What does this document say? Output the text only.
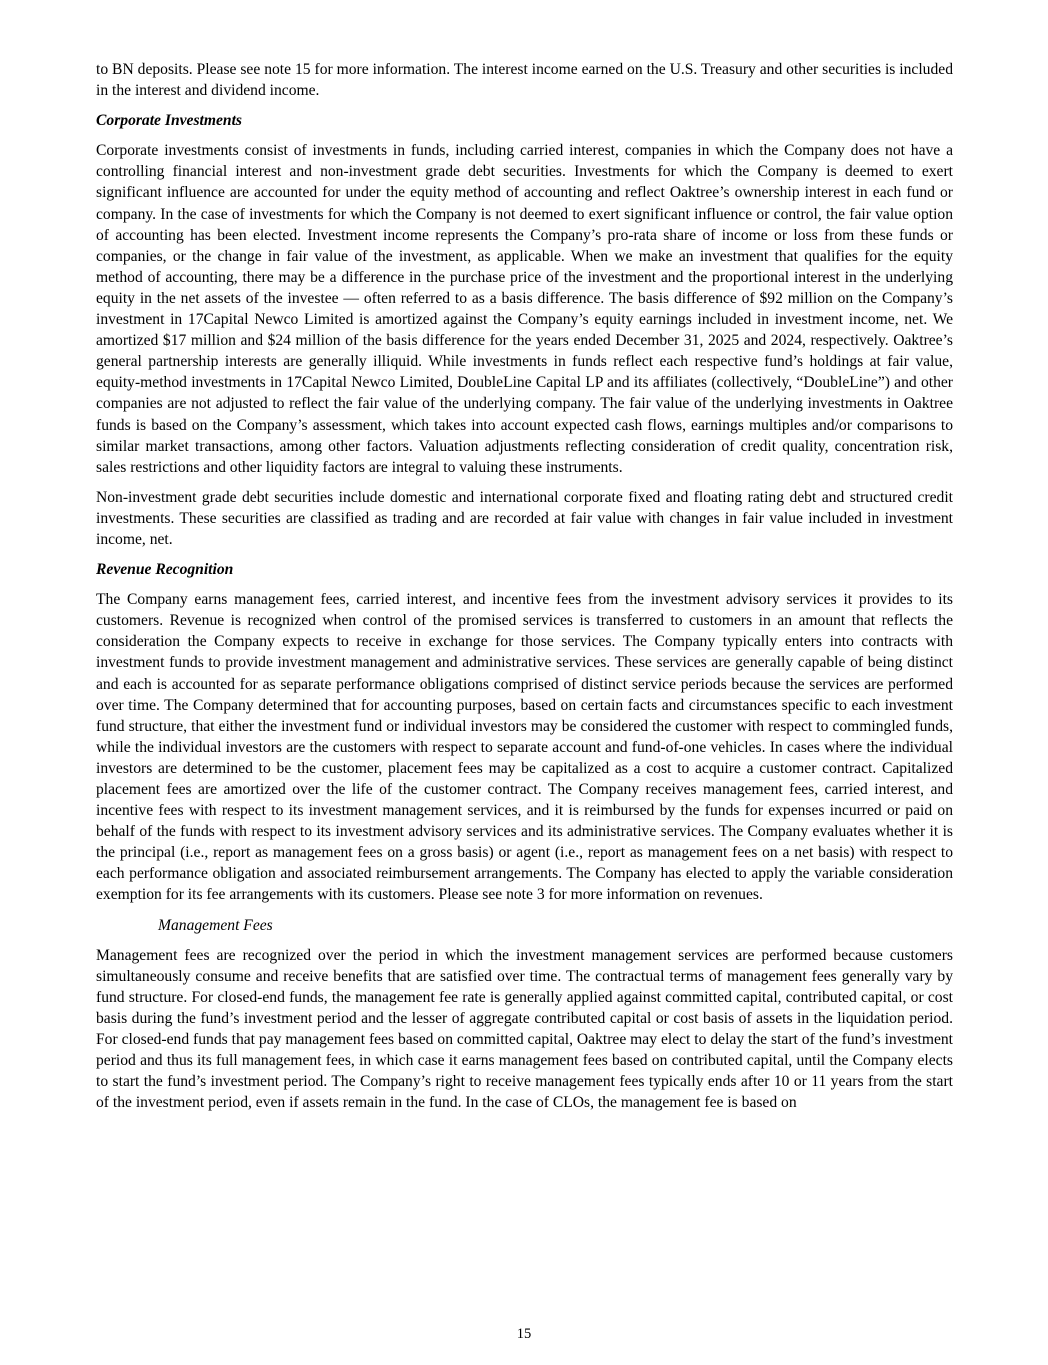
to BN deposits. Please see note 15 for more information. The interest income earned on the U.S. Treasury and other securities is included in the interest and dividend income.

Corporate Investments

Corporate investments consist of investments in funds, including carried interest, companies in which the Company does not have a controlling financial interest and non-investment grade debt securities. Investments for which the Company is deemed to exert significant influence are accounted for under the equity method of accounting and reflect Oaktree’s ownership interest in each fund or company. In the case of investments for which the Company is not deemed to exert significant influence or control, the fair value option of accounting has been elected. Investment income represents the Company’s pro-rata share of income or loss from these funds or companies, or the change in fair value of the investment, as applicable. When we make an investment that qualifies for the equity method of accounting, there may be a difference in the purchase price of the investment and the proportional interest in the underlying equity in the net assets of the investee — often referred to as a basis difference. The basis difference of $92 million on the Company’s investment in 17Capital Newco Limited is amortized against the Company’s equity earnings included in investment income, net. We amortized $17 million and $24 million of the basis difference for the years ended December 31, 2025 and 2024, respectively. Oaktree’s general partnership interests are generally illiquid. While investments in funds reflect each respective fund’s holdings at fair value, equity-method investments in 17Capital Newco Limited, DoubleLine Capital LP and its affiliates (collectively, “DoubleLine”) and other companies are not adjusted to reflect the fair value of the underlying company. The fair value of the underlying investments in Oaktree funds is based on the Company’s assessment, which takes into account expected cash flows, earnings multiples and/or comparisons to similar market transactions, among other factors. Valuation adjustments reflecting consideration of credit quality, concentration risk, sales restrictions and other liquidity factors are integral to valuing these instruments.

Non-investment grade debt securities include domestic and international corporate fixed and floating rating debt and structured credit investments. These securities are classified as trading and are recorded at fair value with changes in fair value included in investment income, net.

Revenue Recognition

The Company earns management fees, carried interest, and incentive fees from the investment advisory services it provides to its customers. Revenue is recognized when control of the promised services is transferred to customers in an amount that reflects the consideration the Company expects to receive in exchange for those services. The Company typically enters into contracts with investment funds to provide investment management and administrative services. These services are generally capable of being distinct and each is accounted for as separate performance obligations comprised of distinct service periods because the services are performed over time. The Company determined that for accounting purposes, based on certain facts and circumstances specific to each investment fund structure, that either the investment fund or individual investors may be considered the customer with respect to commingled funds, while the individual investors are the customers with respect to separate account and fund-of-one vehicles. In cases where the individual investors are determined to be the customer, placement fees may be capitalized as a cost to acquire a customer contract. Capitalized placement fees are amortized over the life of the customer contract. The Company receives management fees, carried interest, and incentive fees with respect to its investment management services, and it is reimbursed by the funds for expenses incurred or paid on behalf of the funds with respect to its investment advisory services and its administrative services. The Company evaluates whether it is the principal (i.e., report as management fees on a gross basis) or agent (i.e., report as management fees on a net basis) with respect to each performance obligation and associated reimbursement arrangements. The Company has elected to apply the variable consideration exemption for its fee arrangements with its customers. Please see note 3 for more information on revenues.

Management Fees

Management fees are recognized over the period in which the investment management services are performed because customers simultaneously consume and receive benefits that are satisfied over time. The contractual terms of management fees generally vary by fund structure. For closed-end funds, the management fee rate is generally applied against committed capital, contributed capital, or cost basis during the fund’s investment period and the lesser of aggregate contributed capital or cost basis of assets in the liquidation period. For closed-end funds that pay management fees based on committed capital, Oaktree may elect to delay the start of the fund’s investment period and thus its full management fees, in which case it earns management fees based on contributed capital, until the Company elects to start the fund’s investment period. The Company’s right to receive management fees typically ends after 10 or 11 years from the start of the investment period, even if assets remain in the fund. In the case of CLOs, the management fee is based on

15
